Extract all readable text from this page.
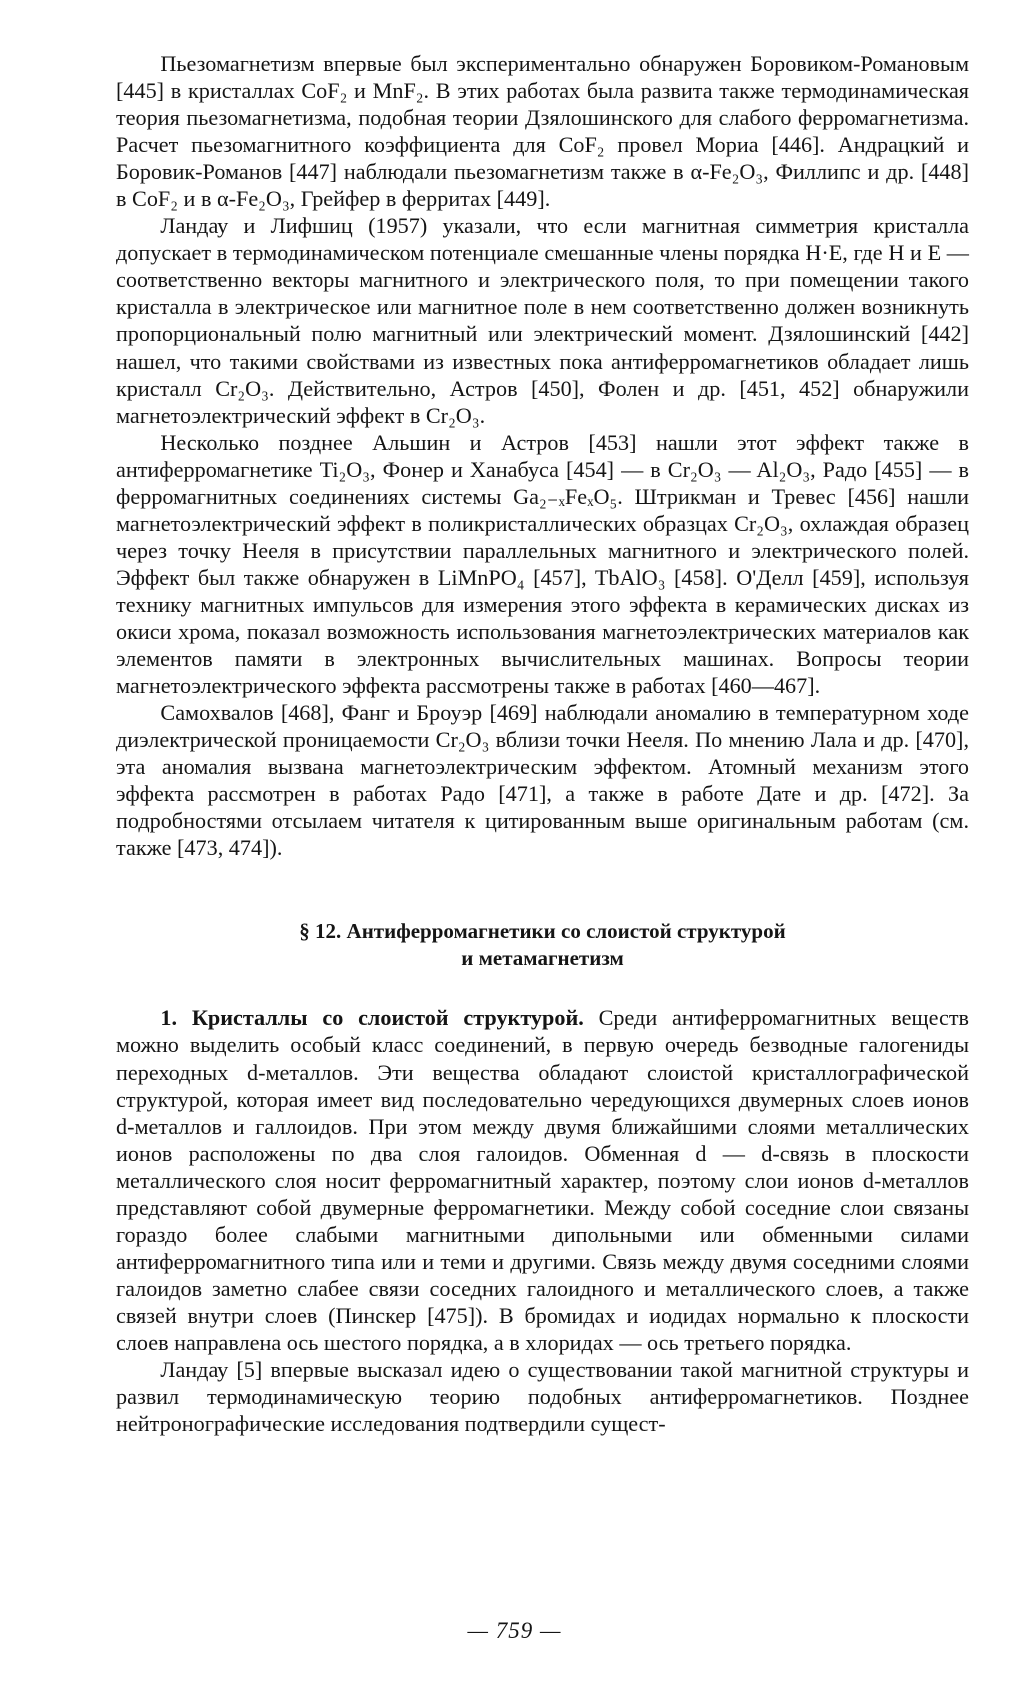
Пьезомагнетизм впервые был экспериментально обнаружен Боровиком-Романовым [445] в кристаллах CoF₂ и MnF₂. В этих работах была развита также термодинамическая теория пьезомагнетизма, подобная теории Дзялошинского для слабого ферромагнетизма. Расчет пьезомагнитного коэффициента для CoF₂ провел Мориа [446]. Андрацкий и Боровик-Романов [447] наблюдали пьезомагнетизм также в α-Fe₂O₃, Филлипс и др. [448] в CoF₂ и в α-Fe₂O₃, Грейфер в ферритах [449].

Ландау и Лифшиц (1957) указали, что если магнитная симметрия кристалла допускает в термодинамическом потенциале смешанные члены порядка H·E, где H и E — соответственно векторы магнитного и электрического поля, то при помещении такого кристалла в электрическое или магнитное поле в нем соответственно должен возникнуть пропорциональный полю магнитный или электрический момент. Дзялошинский [442] нашел, что такими свойствами из известных пока антиферромагнетиков обладает лишь кристалл Cr₂O₃. Действительно, Астров [450], Фолен и др. [451, 452] обнаружили магнетоэлектрический эффект в Cr₂O₃.

Несколько позднее Альшин и Астров [453] нашли этот эффект также в антиферромагнетике Ti₂O₃, Фонер и Ханабуса [454] — в Cr₂O₃ — Al₂O₃, Радо [455] — в ферромагнитных соединениях системы Ga₂₋ₓFeₓO₅. Штрикман и Тревес [456] нашли магнетоэлектрический эффект в поликристаллических образцах Cr₂O₃, охлаждая образец через точку Нееля в присутствии параллельных магнитного и электрического полей. Эффект был также обнаружен в LiMnPO₄ [457], TbAlO₃ [458]. О'Делл [459], используя технику магнитных импульсов для измерения этого эффекта в керамических дисках из окиси хрома, показал возможность использования магнетоэлектрических материалов как элементов памяти в электронных вычислительных машинах. Вопросы теории магнетоэлектрического эффекта рассмотрены также в работах [460—467].

Самохвалов [468], Фанг и Броуэр [469] наблюдали аномалию в температурном ходе диэлектрической проницаемости Cr₂O₃ вблизи точки Нееля. По мнению Лала и др. [470], эта аномалия вызвана магнетоэлектрическим эффектом. Атомный механизм этого эффекта рассмотрен в работах Радо [471], а также в работе Дате и др. [472]. За подробностями отсылаем читателя к цитированным выше оригинальным работам (см. также [473, 474]).

§ 12. Антиферромагнетики со слоистой структурой
и метамагнетизм

1. Кристаллы со слоистой структурой. Среди антиферромагнитных веществ можно выделить особый класс соединений, в первую очередь безводные галогениды переходных d-металлов. Эти вещества обладают слоистой кристаллографической структурой, которая имеет вид последовательно чередующихся двумерных слоев ионов d-металлов и галлоидов. При этом между двумя ближайшими слоями металлических ионов расположены по два слоя галоидов. Обменная d — d-связь в плоскости металлического слоя носит ферромагнитный характер, поэтому слои ионов d-металлов представляют собой двумерные ферромагнетики. Между собой соседние слои связаны гораздо более слабыми магнитными дипольными или обменными силами антиферромагнитного типа или и теми и другими. Связь между двумя соседними слоями галоидов заметно слабее связи соседних галоидного и металлического слоев, а также связей внутри слоев (Пинскер [475]). В бромидах и иодидах нормально к плоскости слоев направлена ось шестого порядка, а в хлоридах — ось третьего порядка.

Ландау [5] впервые высказал идею о существовании такой магнитной структуры и развил термодинамическую теорию подобных антиферромагнетиков. Позднее нейтронографические исследования подтвердили сущест-

— 759 —
